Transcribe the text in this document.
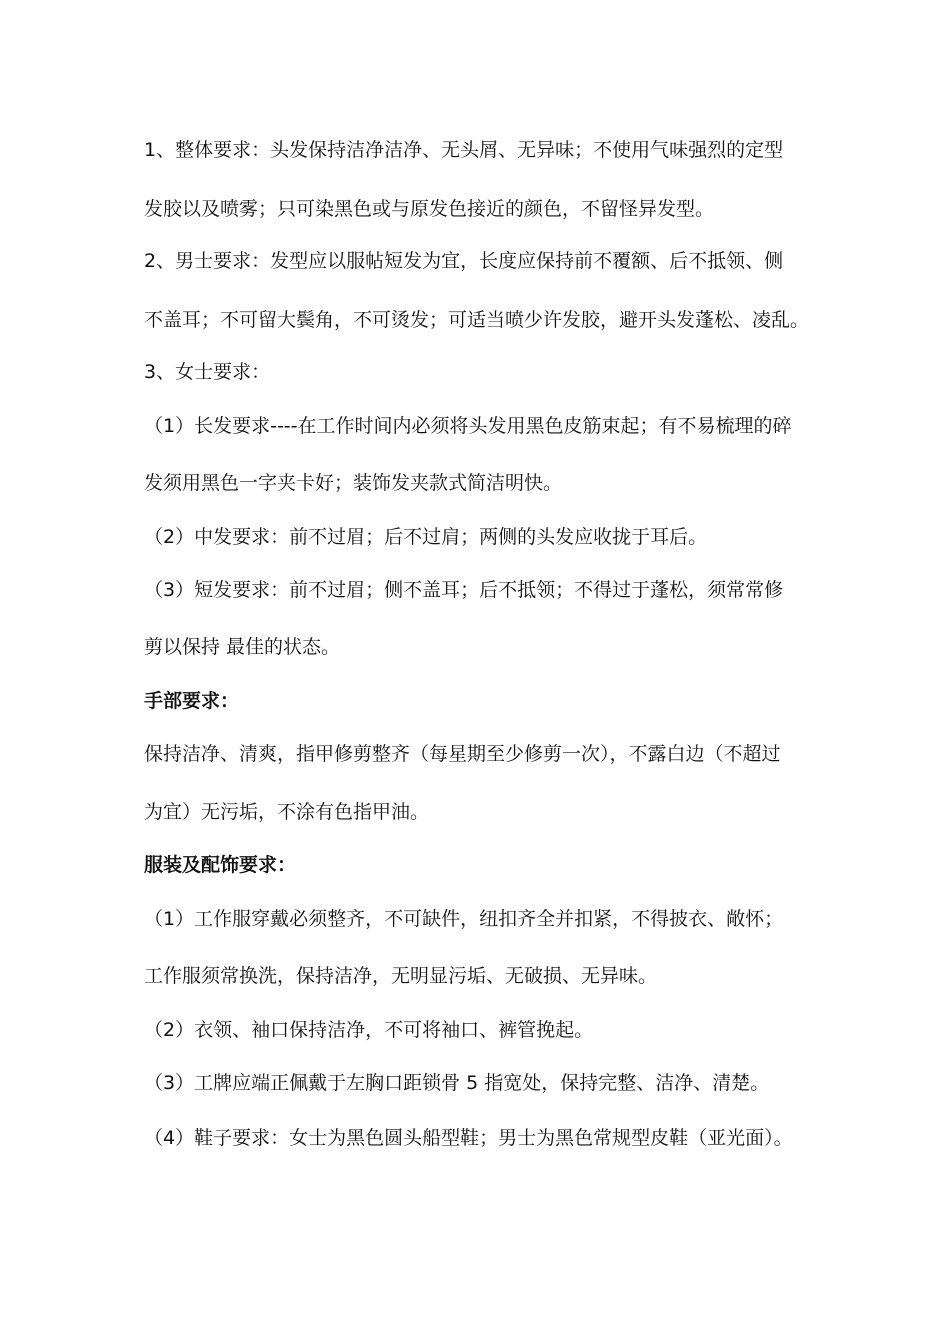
1、整体要求：头发保持洁净洁净、无头屑、无异味；不使用气味强烈的定型
发胶以及喷雾；只可染黑色或与原发色接近的颜色，不留怪异发型。
2、男士要求：发型应以服帖短发为宜，长度应保持前不覆额、后不抵领、侧
不盖耳；不可留大鬓角，不可烫发；可适当喷少许发胶，避开头发蓬松、凌乱。
3、女士要求：
（1）长发要求----在工作时间内必须将头发用黑色皮筋束起；有不易梳理的碎
发须用黑色一字夹卡好；装饰发夹款式简洁明快。
（2）中发要求：前不过眉；后不过肩；两侧的头发应收拢于耳后。
（3）短发要求：前不过眉；侧不盖耳；后不抵领；不得过于蓬松，须常常修
剪以保持 最佳的状态。
手部要求：
保持洁净、清爽，指甲修剪整齐（每星期至少修剪一次），不露白边（不超过
为宜）无污垢，不涂有色指甲油。
服装及配饰要求：
（1）工作服穿戴必须整齐，不可缺件，纽扣齐全并扣紧，不得披衣、敞怀；
工作服须常换洗，保持洁净，无明显污垢、无破损、无异味。
（2）衣领、袖口保持洁净，不可将袖口、裤管挽起。
（3）工牌应端正佩戴于左胸口距锁骨 5 指宽处，保持完整、洁净、清楚。
（4）鞋子要求：女士为黑色圆头船型鞋；男士为黑色常规型皮鞋（亚光面）。
